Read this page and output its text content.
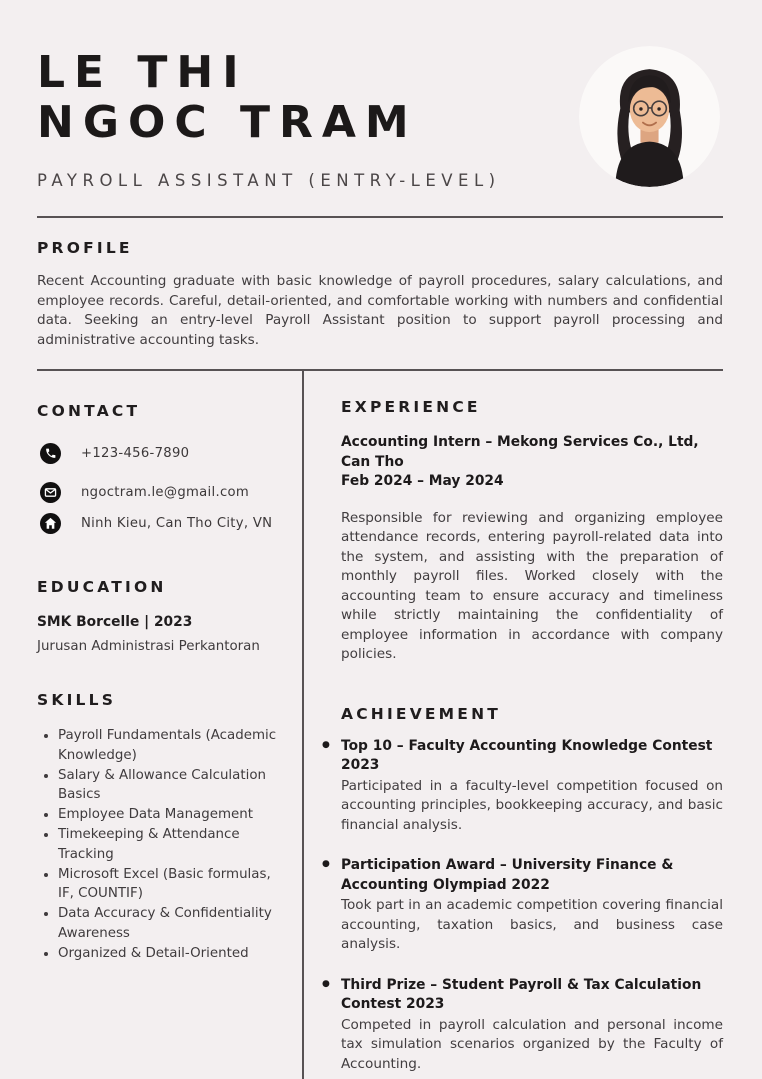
LE THI
NGOC TRAM
PAYROLL ASSISTANT (ENTRY-LEVEL)
PROFILE

Recent Accounting graduate with basic knowledge of payroll procedures, salary calculations, and employee records. Careful, detail-oriented, and comfortable working with numbers and confidential data. Seeking an entry-level Payroll Assistant position to support payroll processing and administrative accounting tasks.

CONTACT
+123-456-7890
ngoctram.le@gmail.com
Ninh Kieu, Can Tho City, VN
EDUCATION
SMK Borcelle | 2023
Jurusan Administrasi Perkantoran
SKILLS
• Payroll Fundamentals (Academic Knowledge)
• Salary & Allowance Calculation Basics
• Employee Data Management
• Timekeeping & Attendance Tracking
• Microsoft Excel (Basic formulas, IF, COUNTIF)
• Data Accuracy & Confidentiality Awareness
• Organized & Detail-Oriented
EXPERIENCE
Accounting Intern – Mekong Services Co., Ltd, Can Tho
Feb 2024 – May 2024

Responsible for reviewing and organizing employee attendance records, entering payroll-related data into the system, and assisting with the preparation of monthly payroll files. Worked closely with the accounting team to ensure accuracy and timeliness while strictly maintaining the confidentiality of employee information in accordance with company policies.

ACHIEVEMENT
● Top 10 – Faculty Accounting Knowledge Contest 2023
Participated in a faculty-level competition focused on accounting principles, bookkeeping accuracy, and basic financial analysis.
● Participation Award – University Finance & Accounting Olympiad 2022
Took part in an academic competition covering financial accounting, taxation basics, and business case analysis.
● Third Prize – Student Payroll & Tax Calculation Contest 2023
Competed in payroll calculation and personal income tax simulation scenarios organized by the Faculty of Accounting.
